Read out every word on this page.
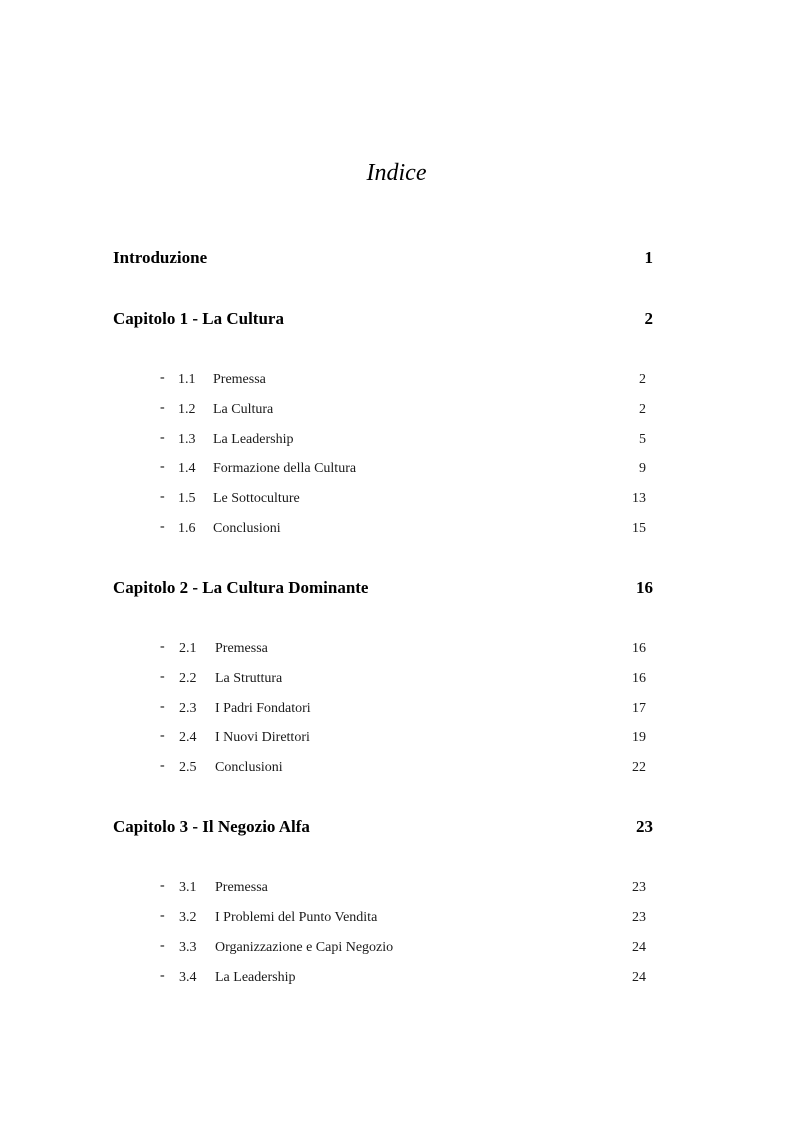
Indice
Introduzione	1
Capitolo 1 - La Cultura	2
- 1.1 Premessa	2
- 1.2 La Cultura	2
- 1.3 La Leadership	5
- 1.4 Formazione della Cultura	9
- 1.5 Le Sottoculture	13
- 1.6 Conclusioni	15
Capitolo 2 - La Cultura Dominante	16
- 2.1 Premessa	16
- 2.2 La Struttura	16
- 2.3 I Padri Fondatori	17
- 2.4 I Nuovi Direttori	19
- 2.5 Conclusioni	22
Capitolo 3 - Il Negozio Alfa	23
- 3.1 Premessa	23
- 3.2 I Problemi del Punto Vendita	23
- 3.3 Organizzazione e Capi Negozio	24
- 3.4 La Leadership	24
